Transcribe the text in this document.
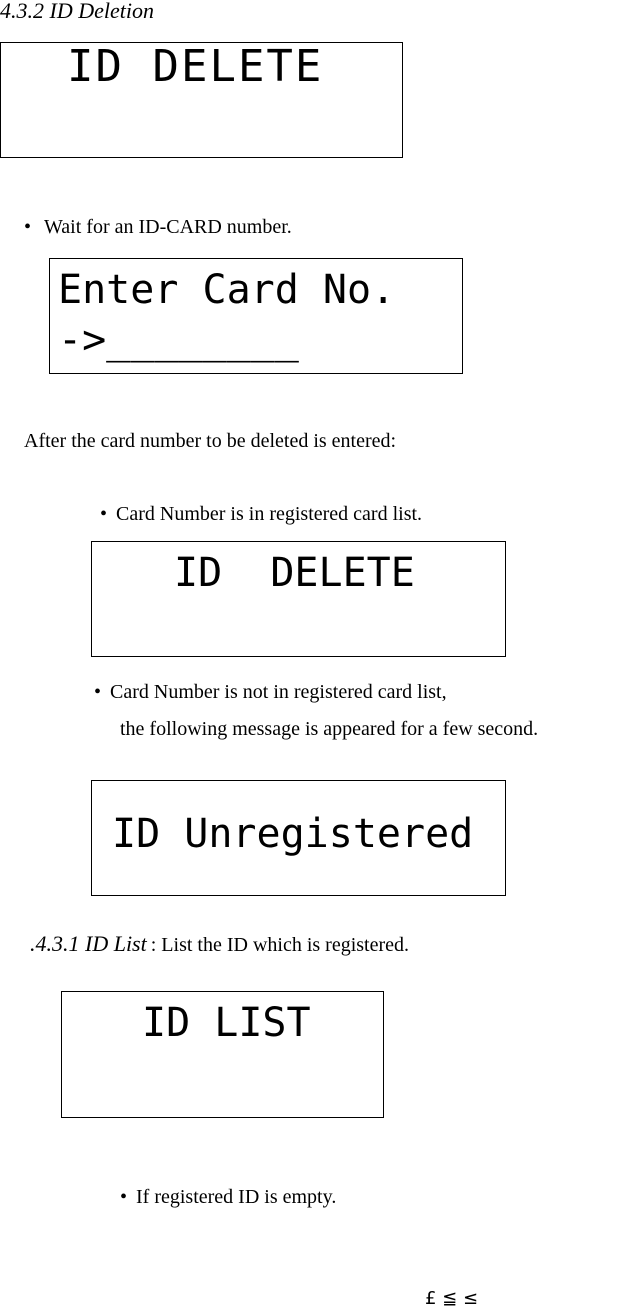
4.3.2 ID Deletion
ID DELETE
• Wait for an ID-CARD number.
Enter Card No.
->________
After the card number to be deleted is entered:
• Card Number is in registered card list.
ID  DELETE
• Card Number is not in registered card list,
the following message is appeared for a few second.
ID Unregistered
.4.3.1 ID List : List the ID which is registered.
ID LIST
• If registered ID is empty.
£ ≦ ≤
